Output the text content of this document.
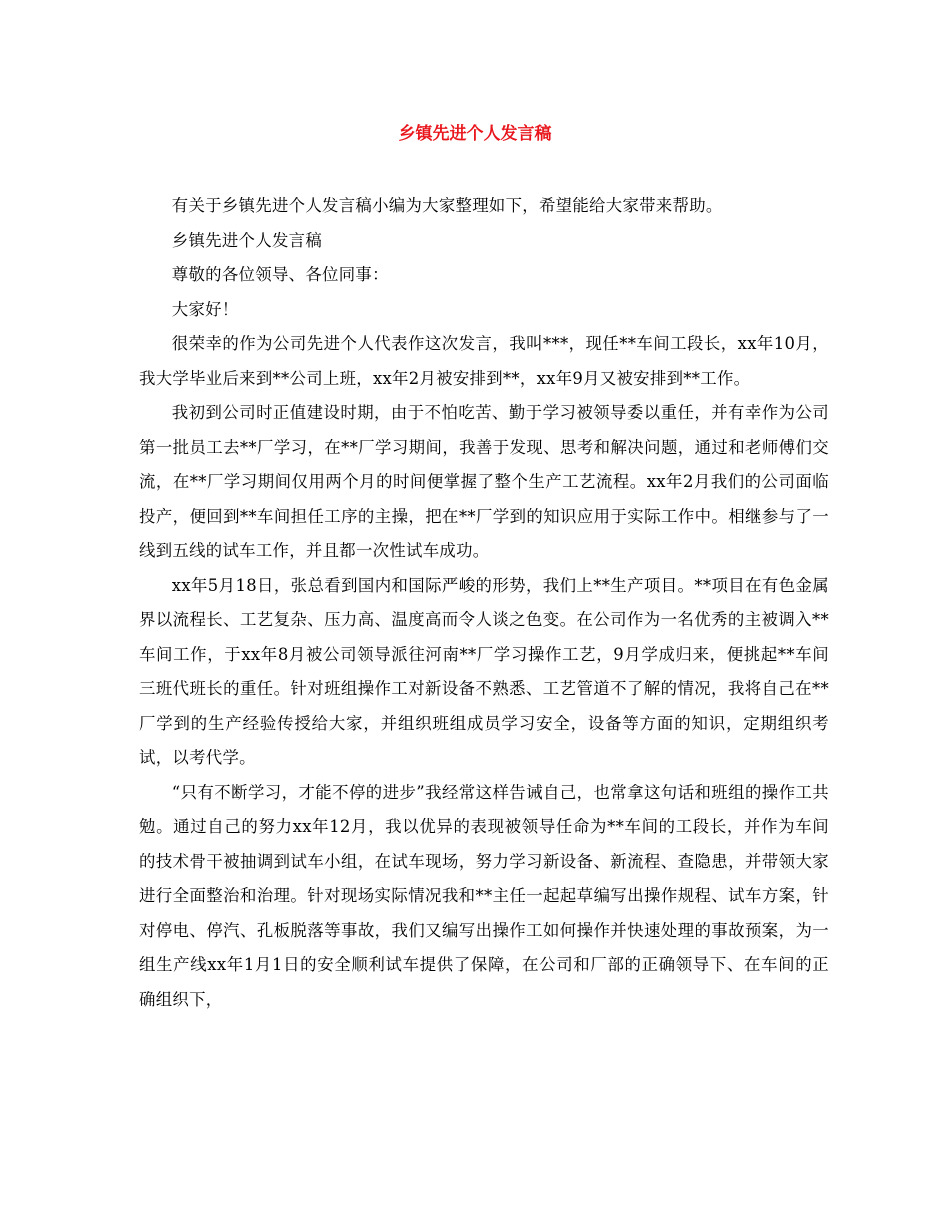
乡镇先进个人发言稿

有关于乡镇先进个人发言稿小编为大家整理如下，希望能给大家带来帮助。

乡镇先进个人发言稿

尊敬的各位领导、各位同事：

大家好！

很荣幸的作为公司先进个人代表作这次发言，我叫***，现任**车间工段长，xx年10月，我大学毕业后来到**公司上班，xx年2月被安排到**，xx年9月又被安排到**工作。

我初到公司时正值建设时期，由于不怕吃苦、勤于学习被领导委以重任，并有幸作为公司第一批员工去**厂学习，在**厂学习期间，我善于发现、思考和解决问题，通过和老师傅们交流，在**厂学习期间仅用两个月的时间便掌握了整个生产工艺流程。xx年2月我们的公司面临投产，便回到**车间担任工序的主操，把在**厂学到的知识应用于实际工作中。相继参与了一线到五线的试车工作，并且都一次性试车成功。

xx年5月18日，张总看到国内和国际严峻的形势，我们上**生产项目。**项目在有色金属界以流程长、工艺复杂、压力高、温度高而令人谈之色变。在公司作为一名优秀的主被调入**车间工作，于xx年8月被公司领导派往河南**厂学习操作工艺，9月学成归来，便挑起**车间三班代班长的重任。针对班组操作工对新设备不熟悉、工艺管道不了解的情况，我将自己在**厂学到的生产经验传授给大家，并组织班组成员学习安全，设备等方面的知识，定期组织考试，以考代学。

“只有不断学习，才能不停的进步”我经常这样告诫自己，也常拿这句话和班组的操作工共勉。通过自己的努力xx年12月，我以优异的表现被领导任命为**车间的工段长，并作为车间的技术骨干被抽调到试车小组，在试车现场，努力学习新设备、新流程、查隐患，并带领大家进行全面整治和治理。针对现场实际情况我和**主任一起起草编写出操作规程、试车方案，针对停电、停汽、孔板脱落等事故，我们又编写出操作工如何操作并快速处理的事故预案，为一组生产线xx年1月1日的安全顺利试车提供了保障，在公司和厂部的正确领导下、在车间的正确组织下，
